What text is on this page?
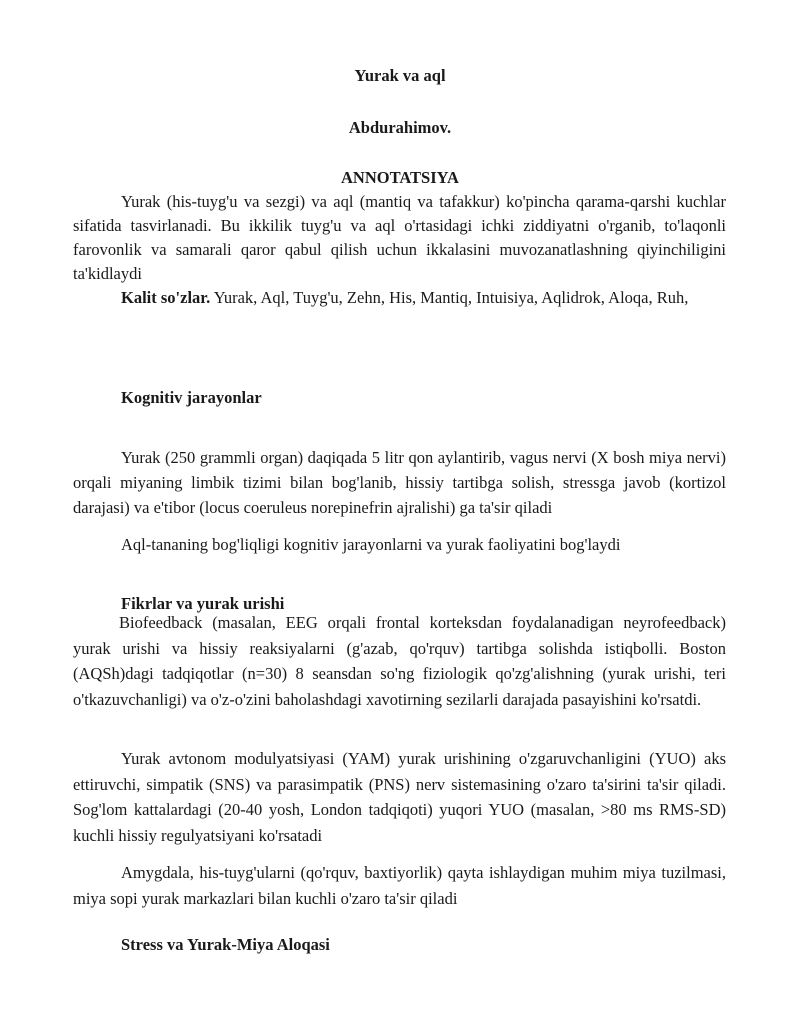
Yurak va aql
Abdurahimov.
ANNOTATSIYA

Yurak (his-tuyg'u va sezgi) va aql (mantiq va tafakkur) ko'pincha qarama-qarshi kuchlar sifatida tasvirlanadi. Bu ikkilik tuyg'u va aql o'rtasidagi ichki ziddiyatni o'rganib, to'laqonli farovonlik va samarali qaror qabul qilish uchun ikkalasini muvozanatlashning qiyinchiligini ta'kidlaydi

Kalit so'zlar. Yurak, Aql, Tuyg'u, Zehn, His, Mantiq, Intuisiya, Aqlidrok, Aloqa, Ruh,

Kognitiv jarayonlar

Yurak (250 grammli organ) daqiqada 5 litr qon aylantirib, vagus nervi (X bosh miya nervi) orqali miyaning limbik tizimi bilan bog'lanib, hissiy tartibga solish, stressga javob (kortizol darajasi) va e'tibor (locus coeruleus norepinefrin ajralishi) ga ta'sir qiladi

Aql-tananing bog'liqligi kognitiv jarayonlarni va yurak faoliyatini bog'laydi

Fikrlar va yurak urishi

Biofeedback (masalan, EEG orqali frontal korteksdan foydalanadigan neyrofeedback) yurak urishi va hissiy reaksiyalarni (g'azab, qo'rquv) tartibga solishda istiqbolli. Boston (AQSh)dagi tadqiqotlar (n=30) 8 seansdan so'ng fiziologik qo'zg'alishning (yurak urishi, teri o'tkazuvchanligi) va o'z-o'zini baholashdagi xavotirning sezilarli darajada pasayishini ko'rsatdi.

Yurak avtonom modulyatsiyasi (YAM) yurak urishining o'zgaruvchanligini (YUO) aks ettiruvchi, simpatik (SNS) va parasimpatik (PNS) nerv sistemasining o'zaro ta'sirini ta'sir qiladi. Sog'lom kattalardagi (20-40 yosh, London tadqiqoti) yuqori YUO (masalan, >80 ms RMS-SD) kuchli hissiy regulyatsiyani ko'rsatadi

Amygdala, his-tuyg'ularni (qo'rquv, baxtiyorlik) qayta ishlaydigan muhim miya tuzilmasi, miya sopi yurak markazlari bilan kuchli o'zaro ta'sir qiladi

Stress va Yurak-Miya Aloqasi
